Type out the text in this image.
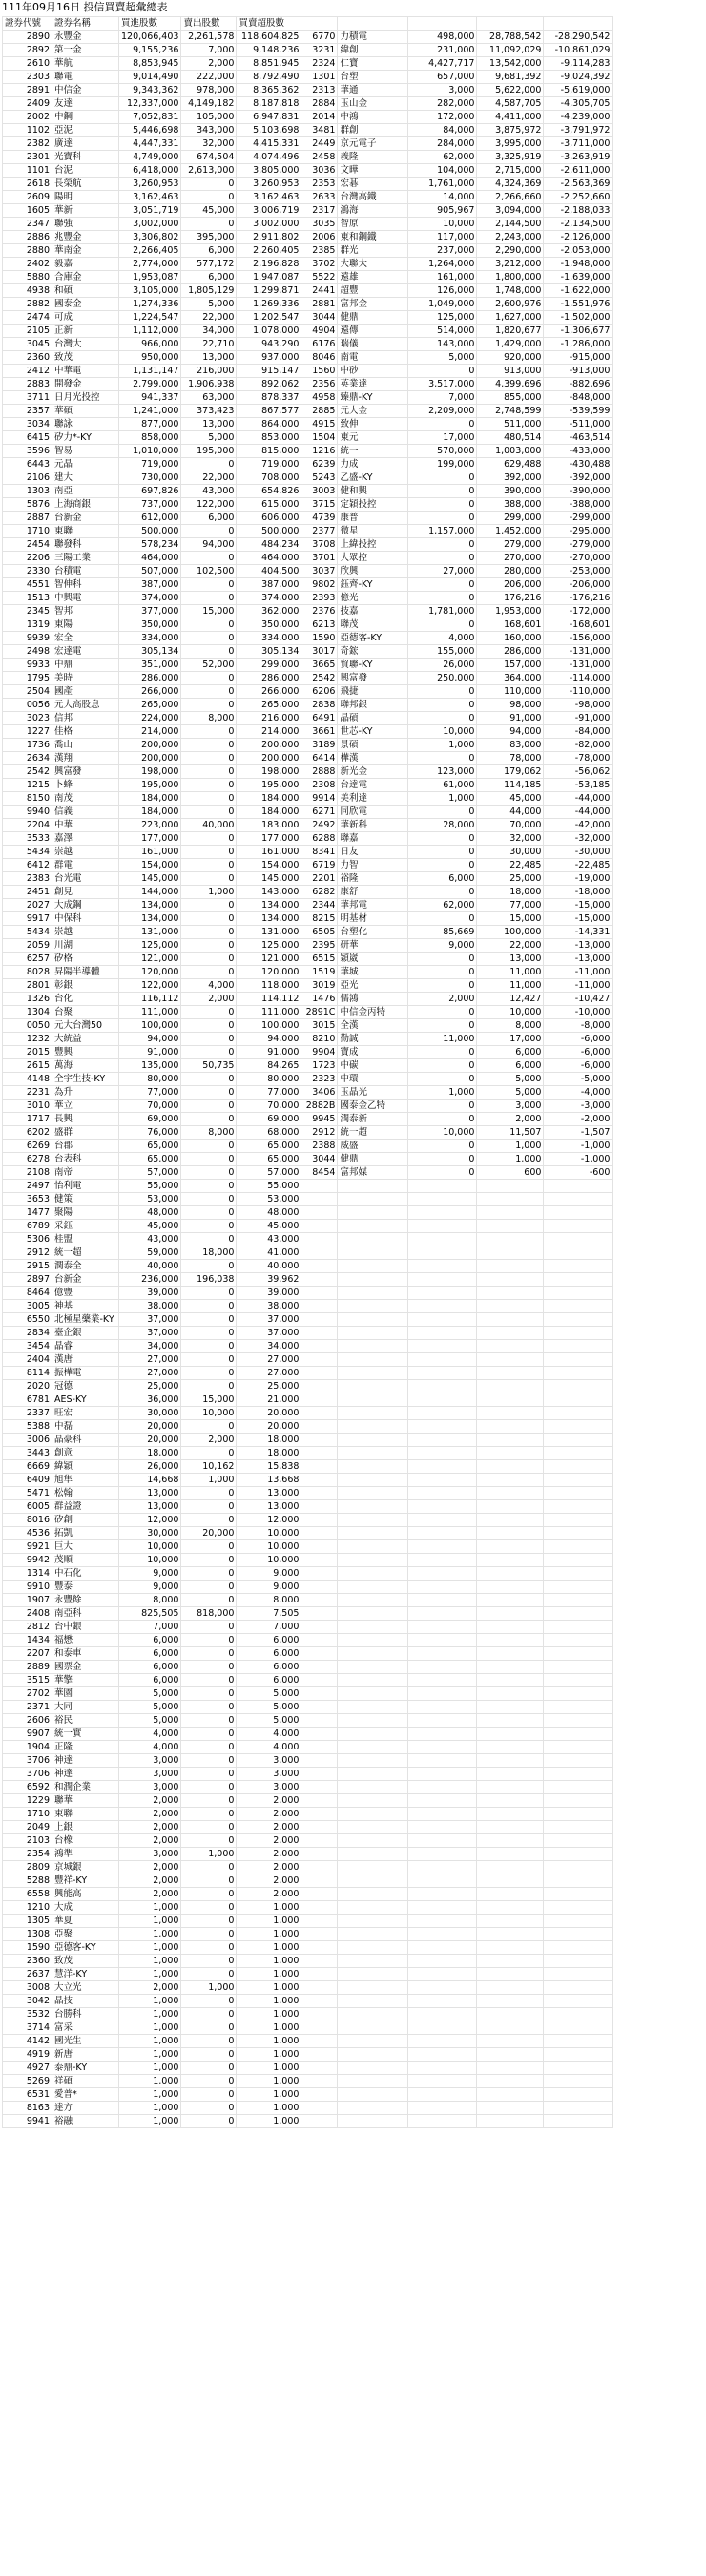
111年09月16日 投信買賣超彙總表
證券代號	證券名稱	買進股數	賣出股數	買賣超股數					
2890	永豐金	120,066,403	2,261,578	118,604,825	6770	力積電	498,000	28,788,542	-28,290,542
2892	第一金	9,155,236	7,000	9,148,236	3231	緯創	231,000	11,092,029	-10,861,029
2610	華航	8,853,945	2,000	8,851,945	2324	仁寶	4,427,717	13,542,000	-9,114,283
2303	聯電	9,014,490	222,000	8,792,490	1301	台塑	657,000	9,681,392	-9,024,392
2891	中信金	9,343,362	978,000	8,365,362	2313	華通	3,000	5,622,000	-5,619,000
2409	友達	12,337,000	4,149,182	8,187,818	2884	玉山金	282,000	4,587,705	-4,305,705
2002	中鋼	7,052,831	105,000	6,947,831	2014	中鴻	172,000	4,411,000	-4,239,000
1102	亞泥	5,446,698	343,000	5,103,698	3481	群創	84,000	3,875,972	-3,791,972
2382	廣達	4,447,331	32,000	4,415,331	2449	京元電子	284,000	3,995,000	-3,711,000
2301	光寶科	4,749,000	674,504	4,074,496	2458	義隆	62,000	3,325,919	-3,263,919
1101	台泥	6,418,000	2,613,000	3,805,000	3036	文曄	104,000	2,715,000	-2,611,000
2618	長榮航	3,260,953	0	3,260,953	2353	宏碁	1,761,000	4,324,369	-2,563,369
2609	陽明	3,162,463	0	3,162,463	2633	台灣高鐵	14,000	2,266,660	-2,252,660
1605	華新	3,051,719	45,000	3,006,719	2317	鴻海	905,967	3,094,000	-2,188,033
2347	聯強	3,002,000	0	3,002,000	3035	智原	10,000	2,144,500	-2,134,500
2886	兆豐金	3,306,802	395,000	2,911,802	2006	東和鋼鐵	117,000	2,243,000	-2,126,000
2880	華南金	2,266,405	6,000	2,260,405	2385	群光	237,000	2,290,000	-2,053,000
2402	毅嘉	2,774,000	577,172	2,196,828	3702	大聯大	1,264,000	3,212,000	-1,948,000
5880	合庫金	1,953,087	6,000	1,947,087	5522	遠雄	161,000	1,800,000	-1,639,000
4938	和碩	3,105,000	1,805,129	1,299,871	2441	超豐	126,000	1,748,000	-1,622,000
2882	國泰金	1,274,336	5,000	1,269,336	2881	富邦金	1,049,000	2,600,976	-1,551,976
2474	可成	1,224,547	22,000	1,202,547	3044	健鼎	125,000	1,627,000	-1,502,000
2105	正新	1,112,000	34,000	1,078,000	4904	遠傳	514,000	1,820,677	-1,306,677
3045	台灣大	966,000	22,710	943,290	6176	瑞儀	143,000	1,429,000	-1,286,000
2360	致茂	950,000	13,000	937,000	8046	南電	5,000	920,000	-915,000
2412	中華電	1,131,147	216,000	915,147	1560	中砂	0	913,000	-913,000
2883	開發金	2,799,000	1,906,938	892,062	2356	英業達	3,517,000	4,399,696	-882,696
3711	日月光投控	941,337	63,000	878,337	4958	臻鼎-KY	7,000	855,000	-848,000
2357	華碩	1,241,000	373,423	867,577	2885	元大金	2,209,000	2,748,599	-539,599
3034	聯詠	877,000	13,000	864,000	4915	致伸	0	511,000	-511,000
6415	矽力*-KY	858,000	5,000	853,000	1504	東元	17,000	480,514	-463,514
3596	智易	1,010,000	195,000	815,000	1216	統一	570,000	1,003,000	-433,000
6443	元晶	719,000	0	719,000	6239	力成	199,000	629,488	-430,488
2106	建大	730,000	22,000	708,000	5243	乙盛-KY	0	392,000	-392,000
1303	南亞	697,826	43,000	654,826	3003	健和興	0	390,000	-390,000
5876	上海商銀	737,000	122,000	615,000	3715	定穎投控	0	388,000	-388,000
2887	台新金	612,000	6,000	606,000	4739	康普	0	299,000	-299,000
1710	東聯	500,000	0	500,000	2377	微星	1,157,000	1,452,000	-295,000
2454	聯發科	578,234	94,000	484,234	3708	上緯投控	0	279,000	-279,000
2206	三陽工業	464,000	0	464,000	3701	大眾控	0	270,000	-270,000
2330	台積電	507,000	102,500	404,500	3037	欣興	27,000	280,000	-253,000
4551	智伸科	387,000	0	387,000	9802	鈺齊-KY	0	206,000	-206,000
1513	中興電	374,000	0	374,000	2393	億光	0	176,216	-176,216
2345	智邦	377,000	15,000	362,000	2376	技嘉	1,781,000	1,953,000	-172,000
1319	東陽	350,000	0	350,000	6213	聯茂	0	168,601	-168,601
9939	宏全	334,000	0	334,000	1590	亞德客-KY	4,000	160,000	-156,000
2498	宏達電	305,134	0	305,134	3017	奇鋐	155,000	286,000	-131,000
9933	中鼎	351,000	52,000	299,000	3665	貿聯-KY	26,000	157,000	-131,000
1795	美時	286,000	0	286,000	2542	興富發	250,000	364,000	-114,000
2504	國產	266,000	0	266,000	6206	飛捷	0	110,000	-110,000
0056	元大高股息	265,000	0	265,000	2838	聯邦銀	0	98,000	-98,000
3023	信邦	224,000	8,000	216,000	6491	晶碩	0	91,000	-91,000
1227	佳格	214,000	0	214,000	3661	世芯-KY	10,000	94,000	-84,000
1736	喬山	200,000	0	200,000	3189	景碩	1,000	83,000	-82,000
2634	漢翔	200,000	0	200,000	6414	樺漢	0	78,000	-78,000
2542	興富發	198,000	0	198,000	2888	新光金	123,000	179,062	-56,062
1215	卜蜂	195,000	0	195,000	2308	台達電	61,000	114,185	-53,185
8150	南茂	184,000	0	184,000	9914	美利達	1,000	45,000	-44,000
9940	信義	184,000	0	184,000	6271	同欣電	0	44,000	-44,000
2204	中華	223,000	40,000	183,000	2492	華新科	28,000	70,000	-42,000
3533	嘉澤	177,000	0	177,000	6288	聯嘉	0	32,000	-32,000
5434	崇越	161,000	0	161,000	8341	日友	0	30,000	-30,000
6412	群電	154,000	0	154,000	6719	力智	0	22,485	-22,485
2383	台光電	145,000	0	145,000	2201	裕隆	6,000	25,000	-19,000
2451	創見	144,000	1,000	143,000	6282	康舒	0	18,000	-18,000
2027	大成鋼	134,000	0	134,000	2344	華邦電	62,000	77,000	-15,000
9917	中保科	134,000	0	134,000	8215	明基材	0	15,000	-15,000
5434	崇越	131,000	0	131,000	6505	台塑化	85,669	100,000	-14,331
2059	川湖	125,000	0	125,000	2395	研華	9,000	22,000	-13,000
6257	矽格	121,000	0	121,000	6515	穎崴	0	13,000	-13,000
8028	昇陽半導體	120,000	0	120,000	1519	華城	0	11,000	-11,000
2801	彰銀	122,000	4,000	118,000	3019	亞光	0	11,000	-11,000
1326	台化	116,112	2,000	114,112	1476	儒鴻	2,000	12,427	-10,427
1304	台聚	111,000	0	111,000	2891C	中信金丙特	0	10,000	-10,000
0050	元大台灣50	100,000	0	100,000	3015	全漢	0	8,000	-8,000
1232	大統益	94,000	0	94,000	8210	勤誠	11,000	17,000	-6,000
2015	豐興	91,000	0	91,000	9904	寶成	0	6,000	-6,000
2615	萬海	135,000	50,735	84,265	1723	中碳	0	6,000	-6,000
4148	全宇生技-KY	80,000	0	80,000	2323	中環	0	5,000	-5,000
2231	為升	77,000	0	77,000	3406	玉晶光	1,000	5,000	-4,000
3010	華立	70,000	0	70,000	2882B	國泰金乙特	0	3,000	-3,000
1717	長興	69,000	0	69,000	9945	潤泰新	0	2,000	-2,000
6202	盛群	76,000	8,000	68,000	2912	統一超	10,000	11,507	-1,507
6269	台郡	65,000	0	65,000	2388	威盛	0	1,000	-1,000
6278	台表科	65,000	0	65,000	3044	健鼎	0	1,000	-1,000
2108	南帝	57,000	0	57,000	8454	富邦媒	0	600	-600
2497	怡利電	55,000	0	55,000					
3653	健策	53,000	0	53,000					
1477	聚陽	48,000	0	48,000					
6789	采鈺	45,000	0	45,000					
5306	桂盟	43,000	0	43,000					
2912	統一超	59,000	18,000	41,000					
2915	潤泰全	40,000	0	40,000					
2897	台新金	236,000	196,038	39,962					
8464	億豐	39,000	0	39,000					
3005	神基	38,000	0	38,000					
6550	北極星藥業-KY	37,000	0	37,000					
2834	臺企銀	37,000	0	37,000					
3454	晶睿	34,000	0	34,000					
2404	漢唐	27,000	0	27,000					
8114	振樺電	27,000	0	27,000					
2020	冠德	25,000	0	25,000					
6781	AES-KY	36,000	15,000	21,000					
2337	旺宏	30,000	10,000	20,000					
5388	中磊	20,000	0	20,000					
3006	晶豪科	20,000	2,000	18,000					
3443	創意	18,000	0	18,000					
6669	緯穎	26,000	10,162	15,838					
6409	旭隼	14,668	1,000	13,668					
5471	松翰	13,000	0	13,000					
6005	群益證	13,000	0	13,000					
8016	矽創	12,000	0	12,000					
4536	拓凱	30,000	20,000	10,000					
9921	巨大	10,000	0	10,000					
9942	茂順	10,000	0	10,000					
1314	中石化	9,000	0	9,000					
9910	豐泰	9,000	0	9,000					
1907	永豐餘	8,000	0	8,000					
2408	南亞科	825,505	818,000	7,505					
2812	台中銀	7,000	0	7,000					
1434	福懋	6,000	0	6,000					
2207	和泰車	6,000	0	6,000					
2889	國票金	6,000	0	6,000					
3515	華擎	6,000	0	6,000					
2702	華園	5,000	0	5,000					
2371	大同	5,000	0	5,000					
2606	裕民	5,000	0	5,000					
9907	統一實	4,000	0	4,000					
1904	正隆	4,000	0	4,000					
3706	神達	3,000	0	3,000					
3706	神達	3,000	0	3,000					
6592	和潤企業	3,000	0	3,000					
1229	聯華	2,000	0	2,000					
1710	東聯	2,000	0	2,000					
2049	上銀	2,000	0	2,000					
2103	台橡	2,000	0	2,000					
2354	鴻準	3,000	1,000	2,000					
2809	京城銀	2,000	0	2,000					
5288	豐祥-KY	2,000	0	2,000					
6558	興能高	2,000	0	2,000					
1210	大成	1,000	0	1,000					
1305	華夏	1,000	0	1,000					
1308	亞聚	1,000	0	1,000					
1590	亞德客-KY	1,000	0	1,000					
2360	致茂	1,000	0	1,000					
2637	慧洋-KY	1,000	0	1,000					
3008	大立光	2,000	1,000	1,000					
3042	晶技	1,000	0	1,000					
3532	台勝科	1,000	0	1,000					
3714	富采	1,000	0	1,000					
4142	國光生	1,000	0	1,000					
4919	新唐	1,000	0	1,000					
4927	泰鼎-KY	1,000	0	1,000					
5269	祥碩	1,000	0	1,000					
6531	愛普*	1,000	0	1,000					
8163	達方	1,000	0	1,000					
9941	裕融	1,000	0	1,000					
